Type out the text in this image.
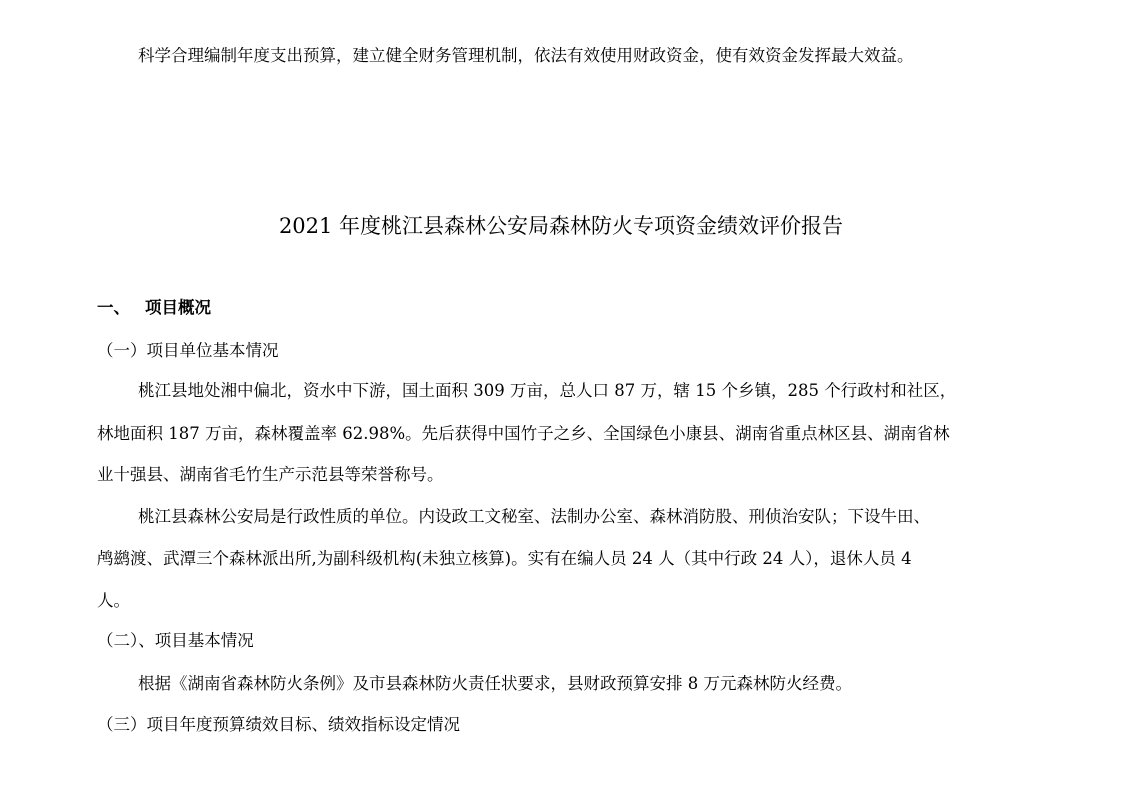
科学合理编制年度支出预算，建立健全财务管理机制，依法有效使用财政资金，使有效资金发挥最大效益。
2021 年度桃江县森林公安局森林防火专项资金绩效评价报告
一、 项目概况
（一）项目单位基本情况
桃江县地处湘中偏北，资水中下游，国土面积 309 万亩，总人口 87 万，辖 15 个乡镇，285 个行政村和社区，
林地面积 187 万亩，森林覆盖率 62.98%。先后获得中国竹子之乡、全国绿色小康县、湖南省重点林区县、湖南省林
业十强县、湖南省毛竹生产示范县等荣誉称号。
桃江县森林公安局是行政性质的单位。内设政工文秘室、法制办公室、森林消防股、刑侦治安队；下设牛田、
鸬鹚渡、武潭三个森林派出所,为副科级机构(未独立核算)。实有在编人员 24 人（其中行政 24 人），退休人员 4
人。
（二）、项目基本情况
根据《湖南省森林防火条例》及市县森林防火责任状要求，县财政预算安排 8 万元森林防火经费。
（三）项目年度预算绩效目标、绩效指标设定情况
